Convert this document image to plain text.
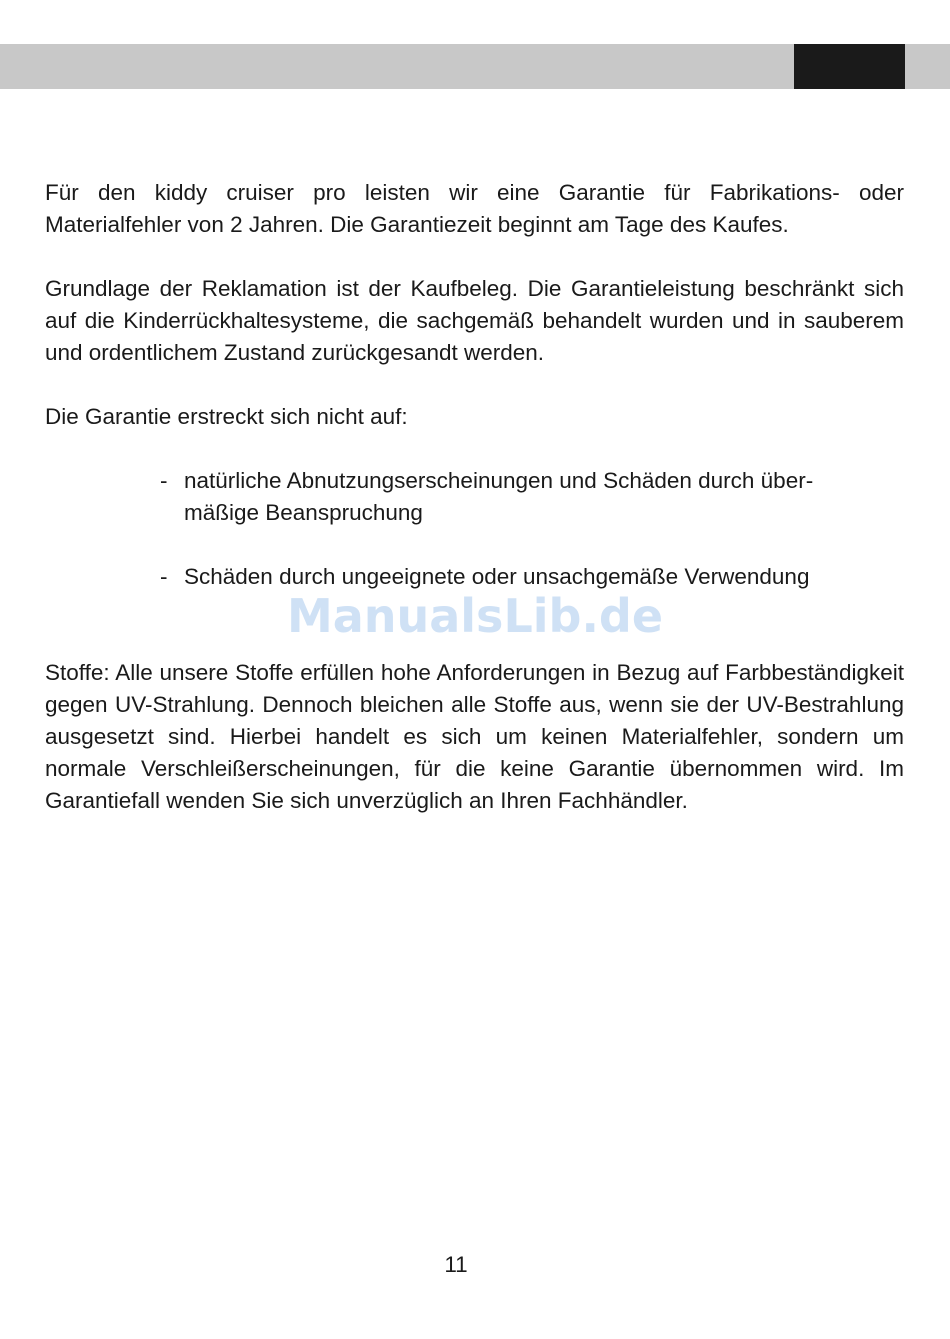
Für den kiddy cruiser pro leisten wir eine Garantie für Fabrikations- oder Materialfehler von 2 Jahren. Die Garantiezeit beginnt am Tage des Kaufes.

Grundlage der Reklamation ist der Kaufbeleg. Die Garantieleistung beschränkt sich auf die Kinderrückhaltesysteme, die sachgemäß behandelt wurden und in sauberem und ordentlichem Zustand zurückgesandt werden.

Die Garantie erstreckt sich nicht auf:

- natürliche Abnutzungserscheinungen und Schäden durch über-
mäßige Beanspruchung
- Schäden durch ungeeignete oder unsachgemäße Verwendung

Stoffe: Alle unsere Stoffe erfüllen hohe Anforderungen in Bezug auf Farbbeständigkeit gegen UV-Strahlung. Dennoch bleichen alle Stoffe aus, wenn sie der UV-Bestrahlung ausgesetzt sind. Hierbei handelt es sich um keinen Materialfehler, sondern um normale Verschleißerscheinungen, für die keine Garantie übernommen wird. Im Garantiefall wenden Sie sich unverzüglich an Ihren Fachhändler.

ManualsLib.de
11
